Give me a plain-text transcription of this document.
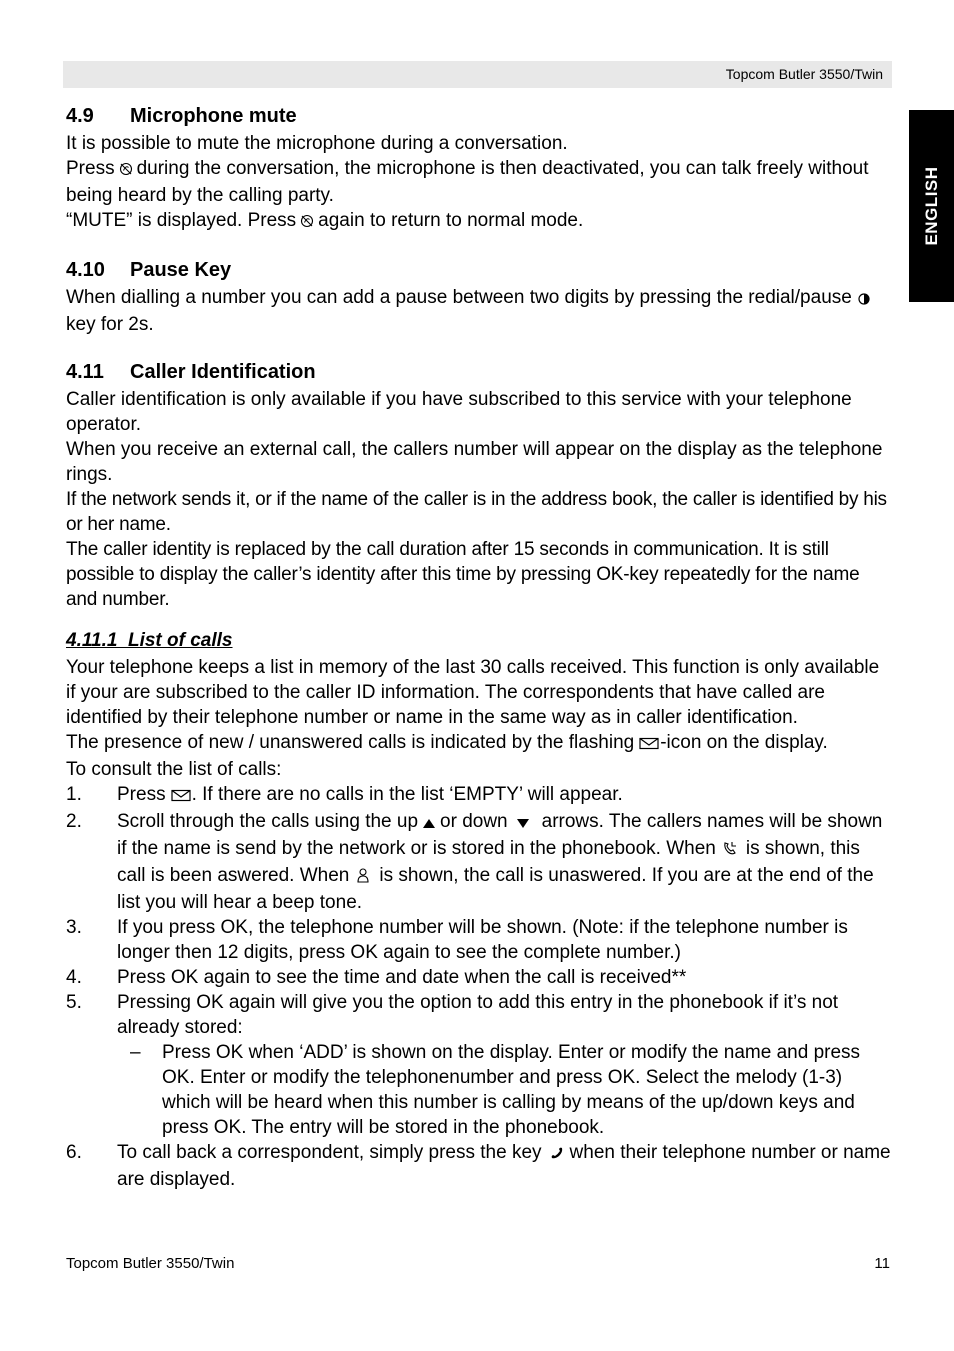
Topcom Butler 3550/Twin
ENGLISH
4.9 Microphone mute

It is possible to mute the microphone during a conversation.

Press during the conversation, the microphone is then deactivated, you can talk freely without being heard by the calling party.

“MUTE” is displayed. Press again to return to normal mode.

4.10 Pause Key

When dialling a number you can add a pause between two digits by pressing the redial/pausekey for 2s.

4.11 Caller Identification

Caller identification is only available if you have subscribed to this service with your telephone operator.

When you receive an external call, the callers number will appear on the display as the telephone rings.

If the network sends it, or if the name of the caller is in the address book, the caller is identified by his or her name.

The caller identity is replaced by the call duration after 15 seconds in communication. It is still possible to display the caller’s identity after this time by pressing OK-key repeatedly for the name and number.

4.11.1  List of calls

Your telephone keeps a list in memory of the last 30 calls received. This function is only available if your are subscribed to the caller ID information. The correspondents that have called are identified by their telephone number or name in the same way as in caller identification.

The presence of new / unanswered calls is indicated by the flashing -icon on the display.

To consult the list of calls:

1. Press . If there are no calls in the list ‘EMPTY’ will appear.
2. Scroll through the calls using the up or down arrows. The callers names will be shown if the name is send by the network or is stored in the phonebook. When is shown, this call is been aswered. When is shown, the call is unaswered. If you are at the end of the list you will hear a beep tone.
3. If you press OK, the telephone number will be shown. (Note: if the telephone number is longer then 12 digits, press OK again to see the complete number.)
4. Press OK again to see the time and date when the call is received**
5. Pressing OK again will give you the option to add this entry in the phonebook if it’s not already stored:
– Press OK when ‘ADD’ is shown on the display. Enter or modify the name and press OK. Enter or modify the telephonenumber and press OK. Select the melody (1-3) which will be heard when this number is calling by means of the up/down keys and press OK. The entry will be stored in the phonebook.
6. To call back a correspondent, simply press the key when their telephone number or name are displayed.
Topcom Butler 3550/Twin	11
